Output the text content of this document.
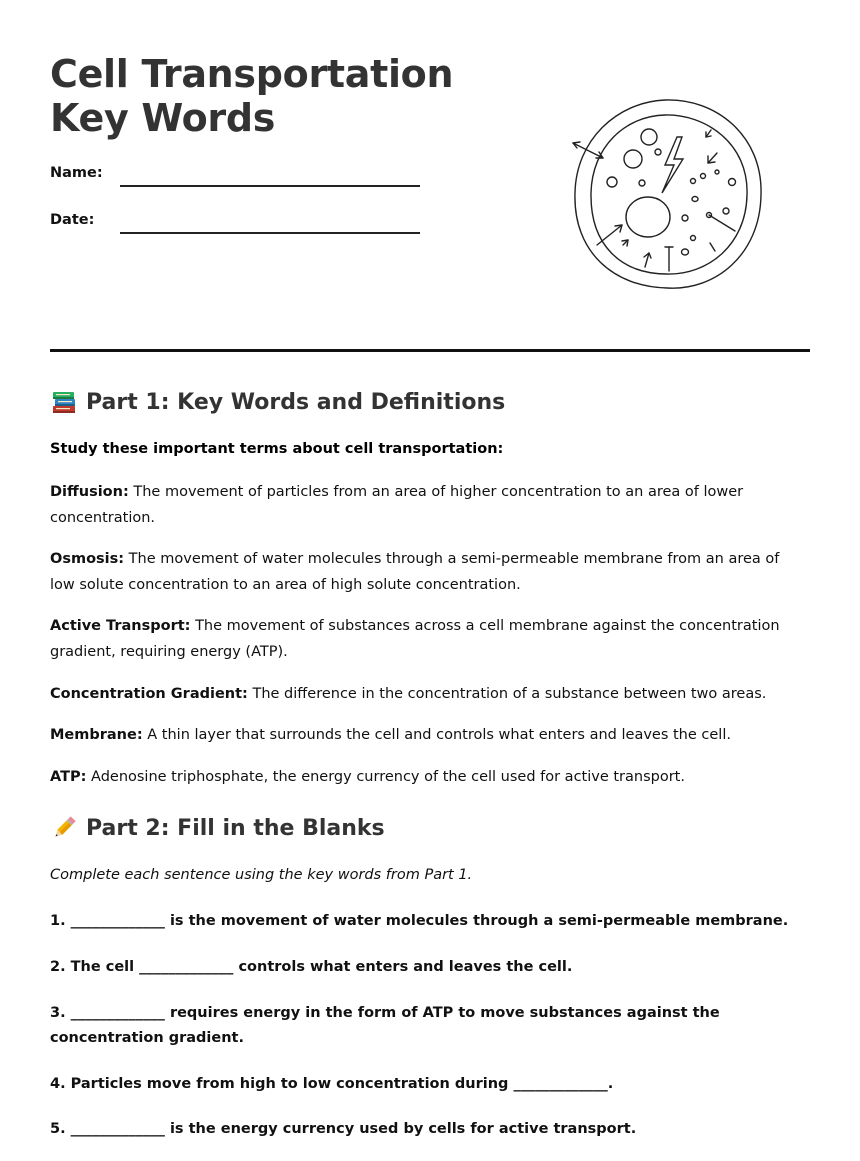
Cell Transportation Key Words
Name:
Date:
Part 1: Key Words and Definitions
Study these important terms about cell transportation:
Diffusion: The movement of particles from an area of higher concentration to an area of lower concentration.
Osmosis: The movement of water molecules through a semi-permeable membrane from an area of low solute concentration to an area of high solute concentration.
Active Transport: The movement of substances across a cell membrane against the concentration gradient, requiring energy (ATP).
Concentration Gradient: The difference in the concentration of a substance between two areas.
Membrane: A thin layer that surrounds the cell and controls what enters and leaves the cell.
ATP: Adenosine triphosphate, the energy currency of the cell used for active transport.
Part 2: Fill in the Blanks
Complete each sentence using the key words from Part 1.
1. _____________ is the movement of water molecules through a semi-permeable membrane.
2. The cell _____________ controls what enters and leaves the cell.
3. _____________ requires energy in the form of ATP to move substances against the concentration gradient.
4. Particles move from high to low concentration during _____________.
5. _____________ is the energy currency used by cells for active transport.
